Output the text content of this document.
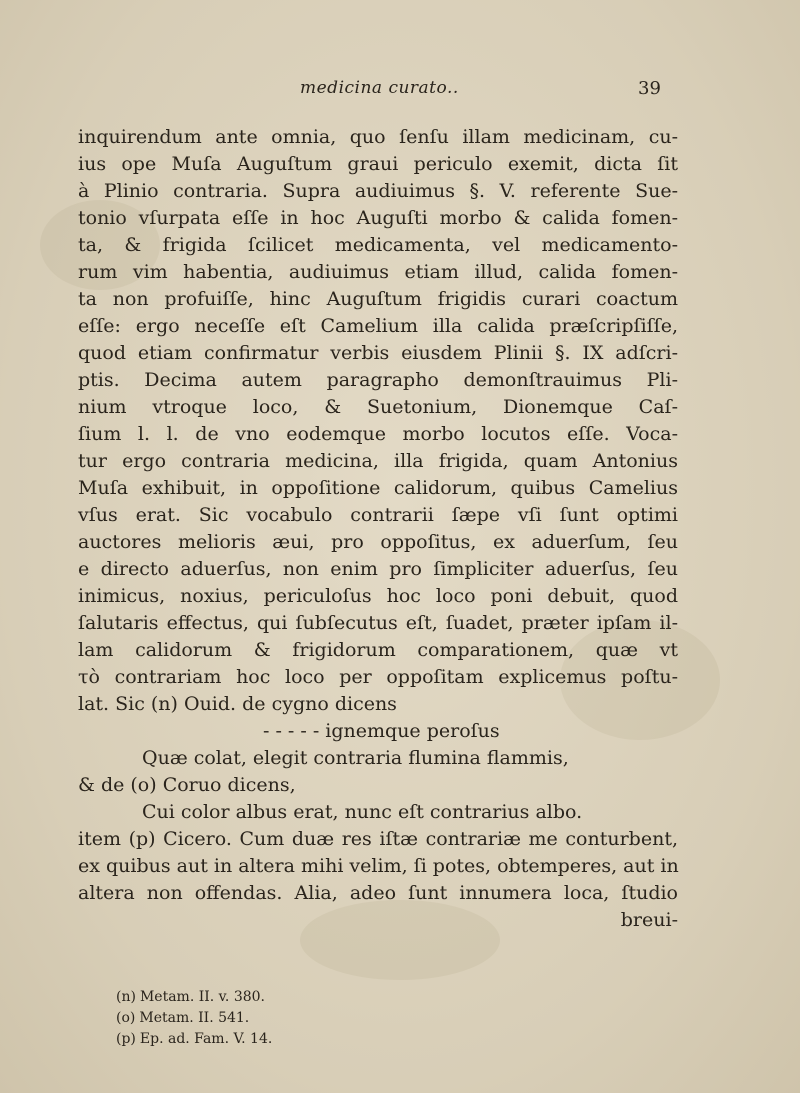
medicina curato..	39
inquirendum ante omnia, quo ſenſu illam medicinam, cu-
ius ope Muſa Auguſtum graui periculo exemit, dicta ſit
à Plinio contraria. Supra audiuimus §. V. referente Sue-
tonio vſurpata eſſe in hoc Auguſti morbo & calida fomen-
ta, & frigida ſcilicet medicamenta, vel medicamento-
rum vim habentia, audiuimus etiam illud, calida fomen-
ta non profuiſſe, hinc Auguſtum frigidis curari coactum
eſſe: ergo neceſſe eſt Camelium illa calida præſcripſiſſe,
quod etiam confirmatur verbis eiusdem Plinii §. IX adſcri-
ptis. Decima autem paragrapho demonſtrauimus Pli-
nium vtroque loco, & Suetonium, Dionemque Caſ-
ſium l. l. de vno eodemque morbo locutos eſſe. Voca-
tur ergo contraria medicina, illa frigida, quam Antonius
Muſa exhibuit, in oppoſitione calidorum, quibus Camelius
vſus erat. Sic vocabulo contrarii ſæpe vſi ſunt optimi
auctores melioris æui, pro oppoſitus, ex aduerſum, ſeu
e directo aduerſus, non enim pro ſimpliciter aduerſus, ſeu
inimicus, noxius, periculoſus hoc loco poni debuit, quod
ſalutaris effectus, qui ſubſecutus eſt, ſuadet, præter ipſam il-
lam calidorum & frigidorum comparationem, quæ vt
τὸ contrariam hoc loco per oppoſitam explicemus poſtu-
lat. Sic (n) Ouid. de cygno dicens
- - - - - ignemque peroſus
Quæ colat, elegit contraria flumina flammis,
& de (o) Coruo dicens,
Cui color albus erat, nunc eſt contrarius albo.
item (p) Cicero. Cum duæ res iſtæ contrariæ me conturbent,
ex quibus aut in altera mihi velim, ſi potes, obtemperes, aut in
altera non offendas. Alia, adeo ſunt innumera loca, ſtudio
breui-
(n) Metam. II. v. 380.
(o) Metam. II. 541.
(p) Ep. ad. Fam. V. 14.
